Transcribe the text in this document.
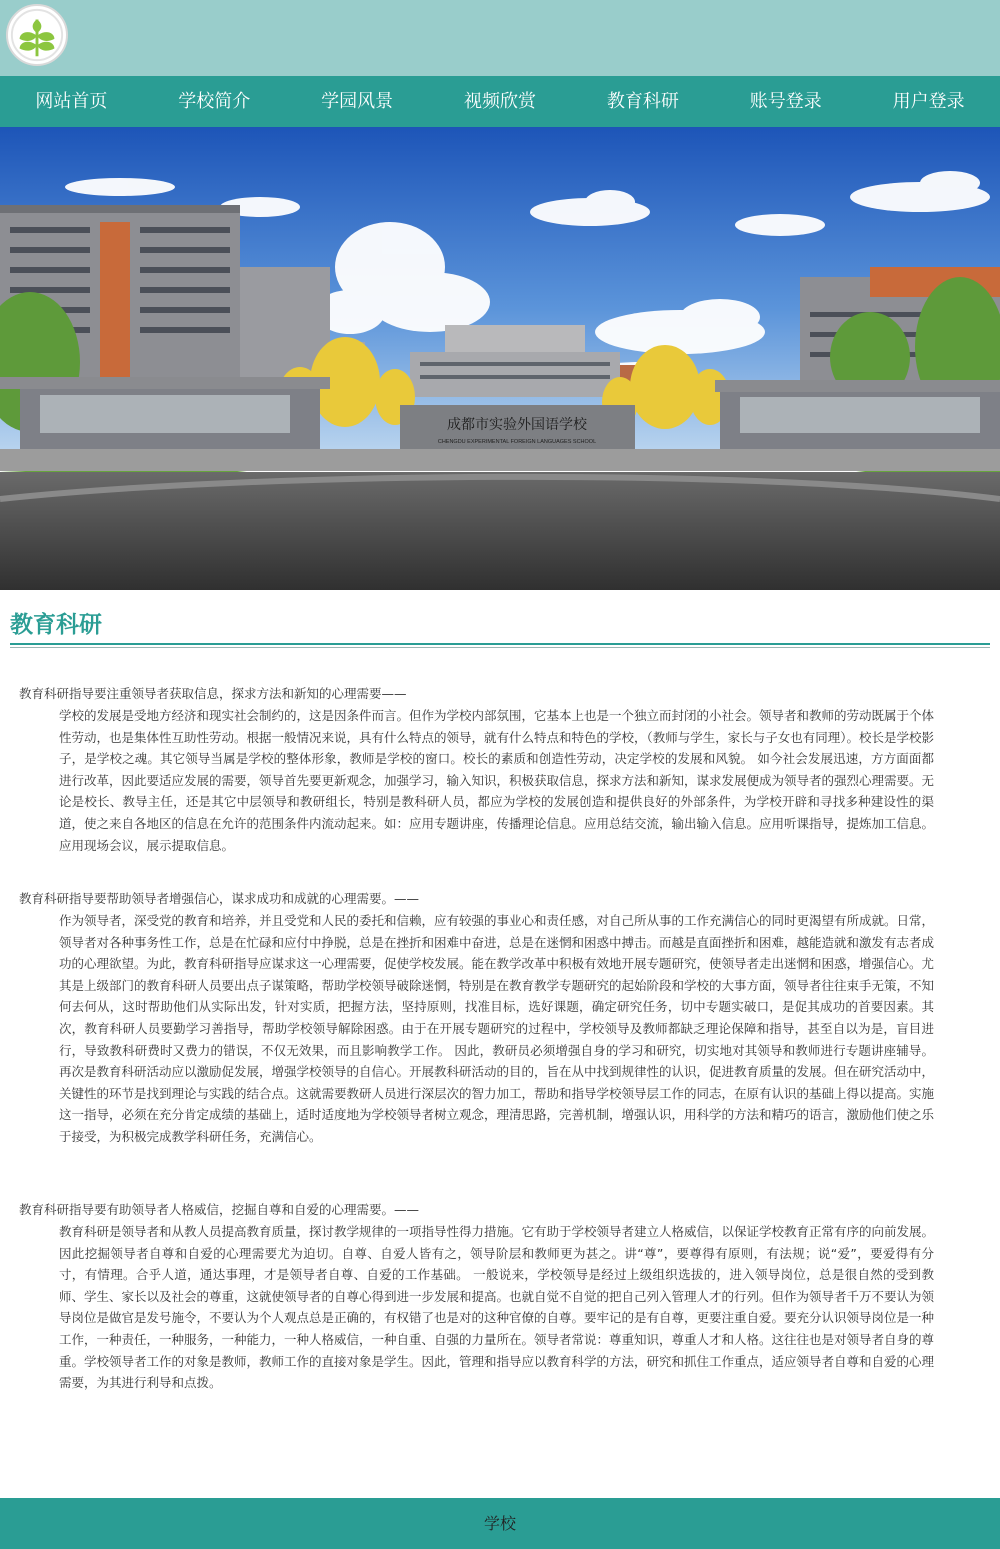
网站首页	学校简介	学园风景	视频欣赏	教育科研	账号登录	用户登录
成都市实验外国语学校
CHENGDU EXPERIMENTAL FOREIGN LANGUAGES SCHOOL
教育科研
教育科研指导要注重领导者获取信息，探求方法和新知的心理需要——
学校的发展是受地方经济和现实社会制约的，这是因条件而言。但作为学校内部氛围，它基本上也是一个独立而封闭的小社会。领导者和教师的劳动既属于个体性劳动，也是集体性互助性劳动。根据一般情况来说，具有什么特点的领导，就有什么特点和特色的学校，（教师与学生，家长与子女也有同理）。校长是学校影子，是学校之魂。其它领导当属是学校的整体形象，教师是学校的窗口。校长的素质和创造性劳动，决定学校的发展和风貌。 如今社会发展迅速，方方面面都进行改革，因此要适应发展的需要，领导首先要更新观念，加强学习，输入知识，积极获取信息，探求方法和新知，谋求发展便成为领导者的强烈心理需要。无论是校长、教导主任，还是其它中层领导和教研组长，特别是教科研人员，都应为学校的发展创造和提供良好的外部条件，为学校开辟和寻找多种建设性的渠道，使之来自各地区的信息在允许的范围条件内流动起来。如：应用专题讲座，传播理论信息。应用总结交流，输出输入信息。应用听课指导，提炼加工信息。应用现场会议，展示提取信息。
教育科研指导要帮助领导者增强信心，谋求成功和成就的心理需要。——
作为领导者，深受党的教育和培养，并且受党和人民的委托和信赖，应有较强的事业心和责任感，对自己所从事的工作充满信心的同时更渴望有所成就。日常，领导者对各种事务性工作，总是在忙碌和应付中挣脱，总是在挫折和困难中奋进，总是在迷惘和困惑中搏击。而越是直面挫折和困难，越能造就和激发有志者成功的心理欲望。为此，教育科研指导应谋求这一心理需要，促使学校发展。能在教学改革中积极有效地开展专题研究，使领导者走出迷惘和困惑，增强信心。尤其是上级部门的教育科研人员要出点子谋策略，帮助学校领导破除迷惘，特别是在教育教学专题研究的起始阶段和学校的大事方面，领导者往往束手无策，不知何去何从，这时帮助他们从实际出发，针对实质，把握方法，坚持原则，找准目标，选好课题，确定研究任务，切中专题实破口，是促其成功的首要因素。其次，教育科研人员要勤学习善指导，帮助学校领导解除困惑。由于在开展专题研究的过程中，学校领导及教师都缺乏理论保障和指导，甚至自以为是，盲目进行，导致教科研费时又费力的错误，不仅无效果，而且影响教学工作。 因此，教研员必须增强自身的学习和研究，切实地对其领导和教师进行专题讲座辅导。再次是教育科研活动应以激励促发展，增强学校领导的自信心。开展教科研活动的目的，旨在从中找到规律性的认识，促进教育质量的发展。但在研究活动中，关键性的环节是找到理论与实践的结合点。这就需要教研人员进行深层次的智力加工，帮助和指导学校领导层工作的同志，在原有认识的基础上得以提高。实施这一指导，必须在充分肯定成绩的基础上，适时适度地为学校领导者树立观念，理清思路，完善机制，增强认识，用科学的方法和精巧的语言，激励他们使之乐于接受，为积极完成教学科研任务，充满信心。
教育科研指导要有助领导者人格威信，挖掘自尊和自爱的心理需要。——
教育科研是领导者和从教人员提高教育质量，探讨教学规律的一项指导性得力措施。它有助于学校领导者建立人格威信，以保证学校教育正常有序的向前发展。因此挖掘领导者自尊和自爱的心理需要尤为迫切。自尊、自爱人皆有之，领导阶层和教师更为甚之。讲“尊”，要尊得有原则，有法规；说“爱”，要爱得有分寸，有情理。合乎人道，通达事理，才是领导者自尊、自爱的工作基础。 一般说来，学校领导是经过上级组织选拔的，进入领导岗位，总是很自然的受到教师、学生、家长以及社会的尊重，这就使领导者的自尊心得到进一步发展和提高。也就自觉不自觉的把自己列入管理人才的行列。但作为领导者千万不要认为领导岗位是做官是发号施令，不要认为个人观点总是正确的，有权错了也是对的这种官僚的自尊。要牢记的是有自尊，更要注重自爱。要充分认识领导岗位是一种工作，一种责任，一种服务，一种能力，一种人格威信，一种自重、自强的力量所在。领导者常说：尊重知识，尊重人才和人格。这往往也是对领导者自身的尊重。学校领导者工作的对象是教师，教师工作的直接对象是学生。因此，管理和指导应以教育科学的方法，研究和抓住工作重点，适应领导者自尊和自爱的心理需要，为其进行利导和点拨。
学校
